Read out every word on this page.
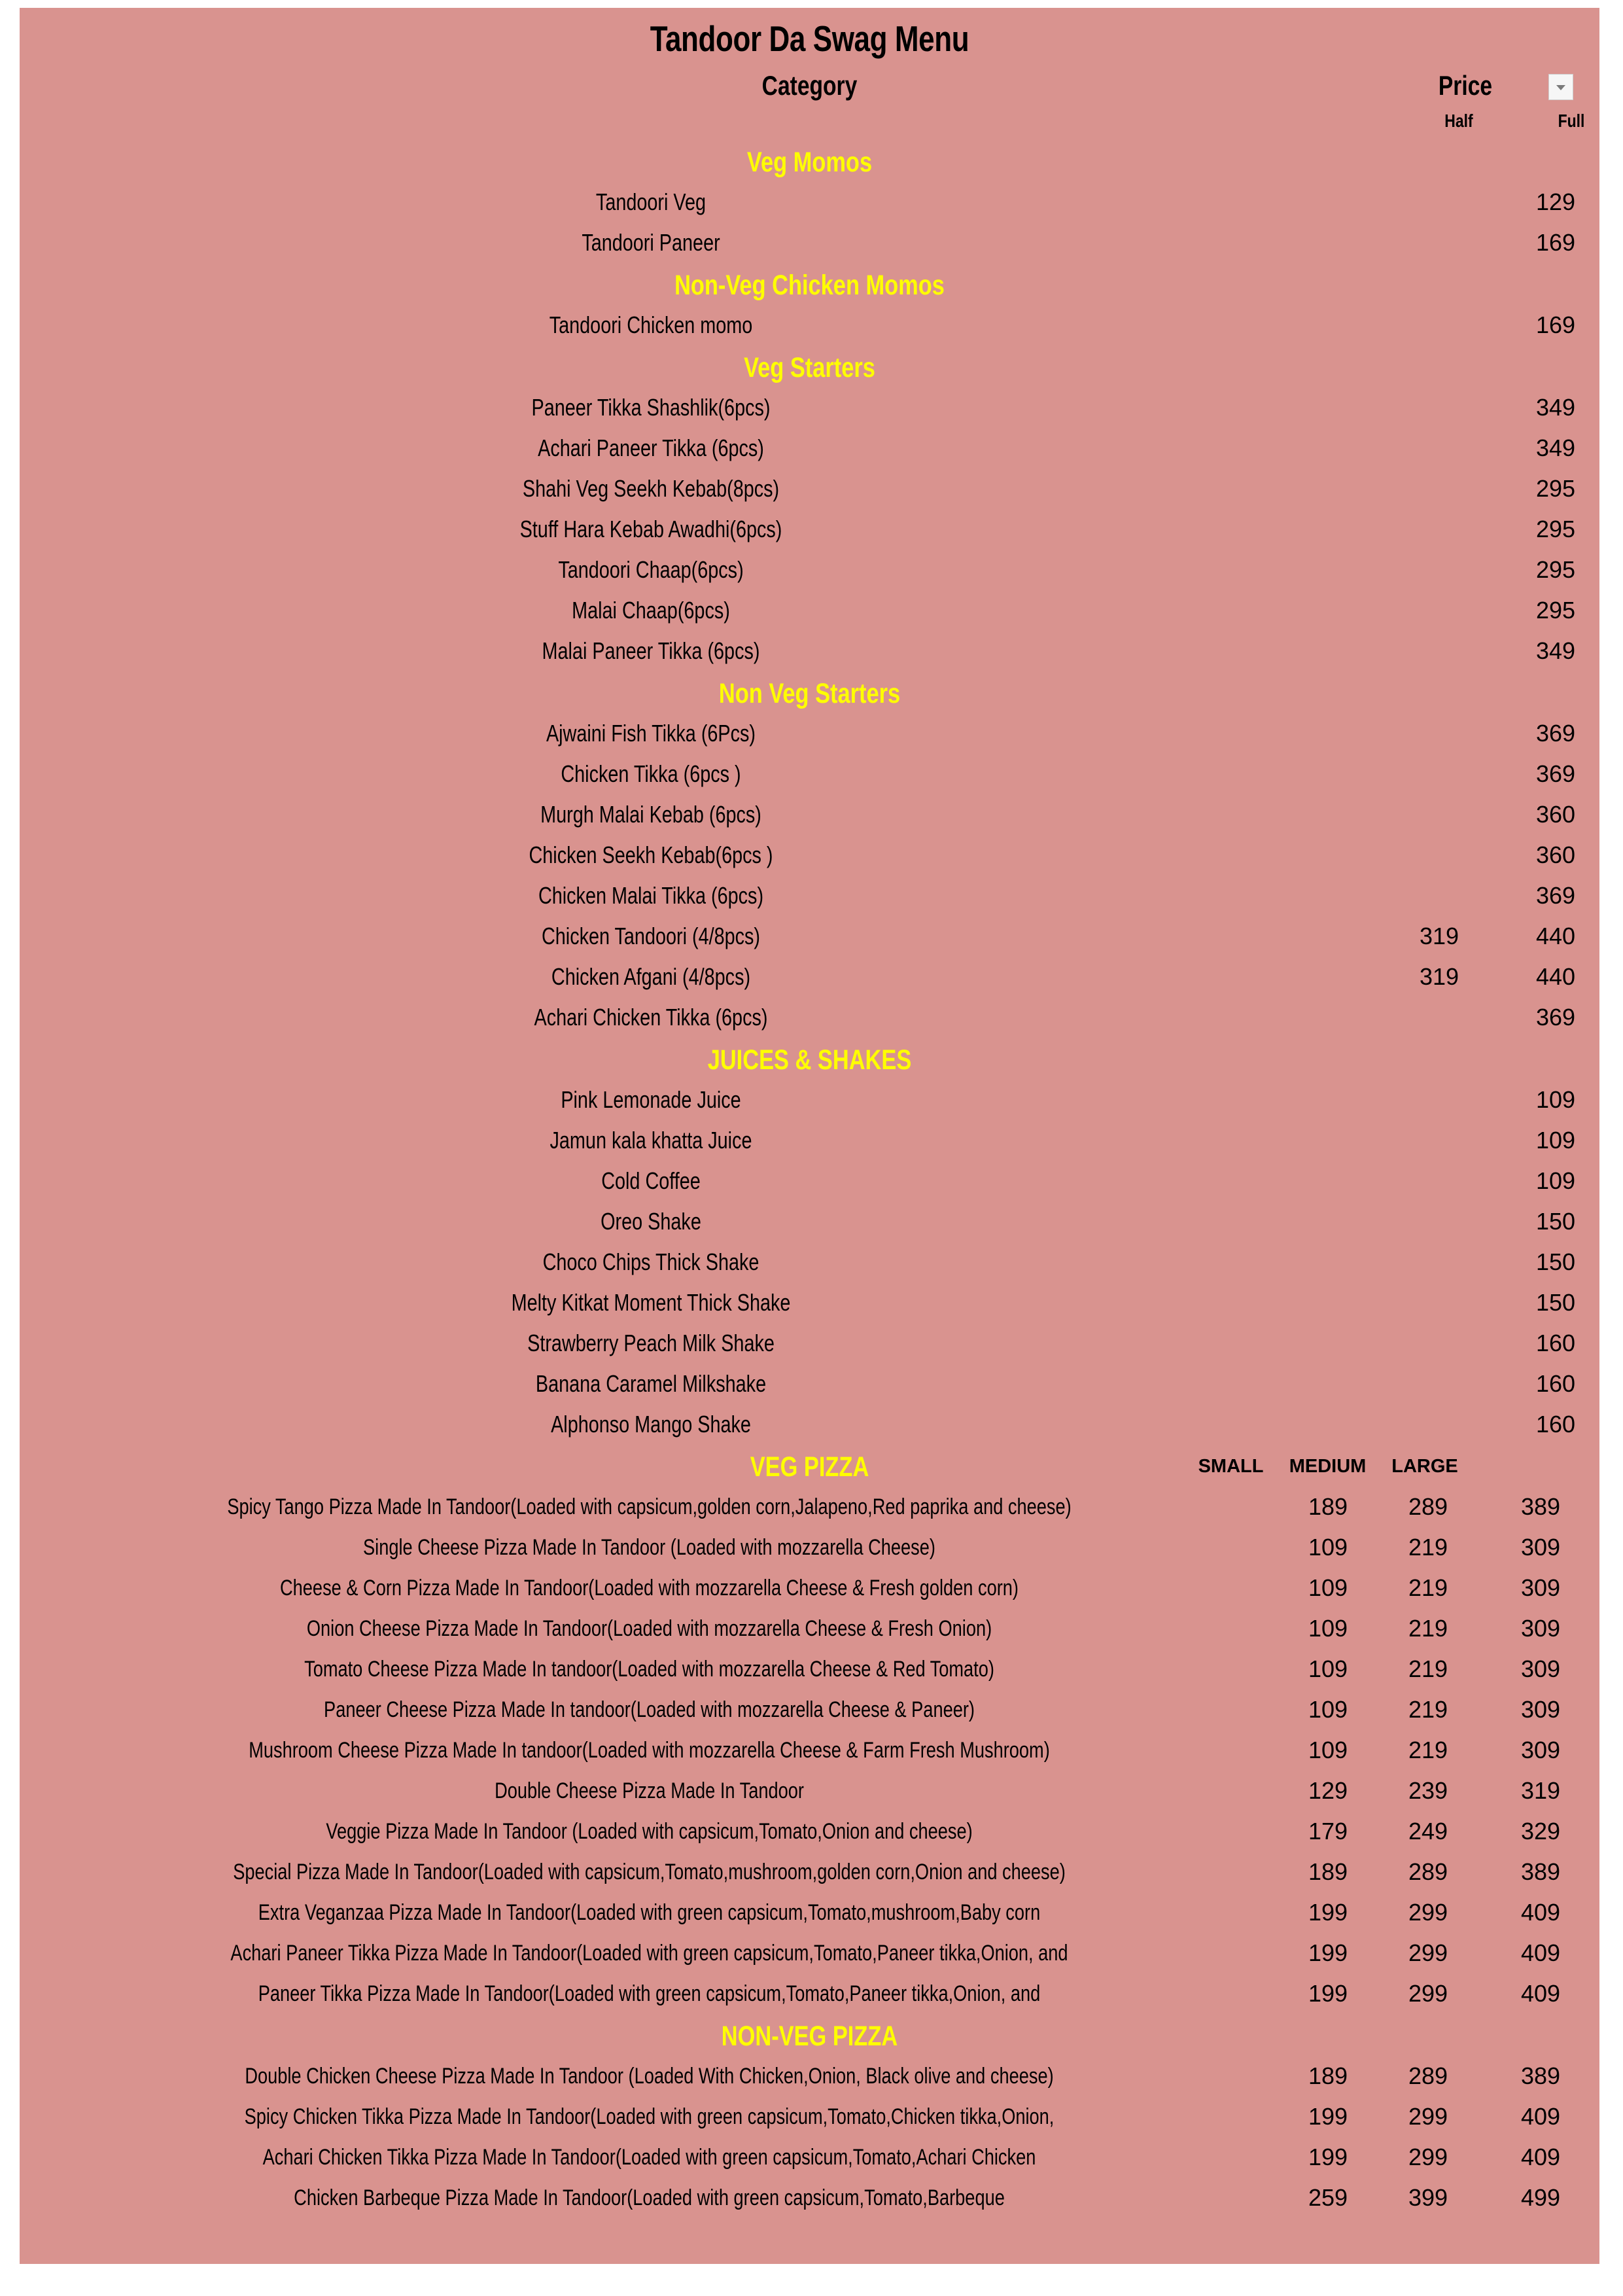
Tandoor Da Swag Menu
Category	Price
Half	Full
Veg Momos
Tandoori Veg	129
Tandoori Paneer	169
Non-Veg Chicken Momos
Tandoori Chicken momo	169
Veg Starters
Paneer Tikka Shashlik(6pcs)	349
Achari Paneer Tikka (6pcs)	349
Shahi Veg Seekh Kebab(8pcs)	295
Stuff Hara Kebab Awadhi(6pcs)	295
Tandoori Chaap(6pcs)	295
Malai Chaap(6pcs)	295
Malai Paneer Tikka (6pcs)	349
Non Veg Starters
Ajwaini Fish Tikka (6Pcs)	369
Chicken Tikka (6pcs )	369
Murgh Malai Kebab (6pcs)	360
Chicken Seekh Kebab(6pcs )	360
Chicken Malai Tikka (6pcs)	369
Chicken Tandoori (4/8pcs)	319	440
Chicken Afgani (4/8pcs)	319	440
Achari Chicken Tikka (6pcs)	369
JUICES & SHAKES
Pink Lemonade Juice	109
Jamun kala khatta Juice	109
Cold Coffee	109
Oreo Shake	150
Choco Chips Thick Shake	150
Melty Kitkat Moment Thick Shake	150
Strawberry Peach Milk Shake	160
Banana Caramel Milkshake	160
Alphonso Mango Shake	160
VEG PIZZA	SMALL	MEDIUM	LARGE
Spicy Tango Pizza Made In Tandoor(Loaded with capsicum,golden corn,Jalapeno,Red paprika and cheese)	189	289	389
Single Cheese Pizza Made In Tandoor (Loaded with mozzarella Cheese)	109	219	309
Cheese & Corn Pizza Made In Tandoor(Loaded with mozzarella Cheese & Fresh golden corn)	109	219	309
Onion Cheese Pizza Made In Tandoor(Loaded with mozzarella Cheese & Fresh Onion)	109	219	309
Tomato Cheese Pizza Made In tandoor(Loaded with mozzarella Cheese & Red Tomato)	109	219	309
Paneer Cheese Pizza Made In tandoor(Loaded with mozzarella Cheese & Paneer)	109	219	309
Mushroom Cheese Pizza Made In tandoor(Loaded with mozzarella Cheese & Farm Fresh Mushroom)	109	219	309
Double Cheese Pizza Made In Tandoor	129	239	319
Veggie Pizza Made In Tandoor (Loaded with capsicum,Tomato,Onion and cheese)	179	249	329
Special Pizza Made In Tandoor(Loaded with capsicum,Tomato,mushroom,golden corn,Onion and cheese)	189	289	389
Extra Veganzaa Pizza Made In Tandoor(Loaded with green capsicum,Tomato,mushroom,Baby corn	199	299	409
Achari Paneer Tikka Pizza Made In Tandoor(Loaded with green capsicum,Tomato,Paneer tikka,Onion, and	199	299	409
Paneer Tikka Pizza Made In Tandoor(Loaded with green capsicum,Tomato,Paneer tikka,Onion, and	199	299	409
NON-VEG PIZZA
Double Chicken Cheese Pizza Made In Tandoor (Loaded With Chicken,Onion, Black olive and cheese)	189	289	389
Spicy Chicken Tikka Pizza Made In Tandoor(Loaded with green capsicum,Tomato,Chicken tikka,Onion,	199	299	409
Achari Chicken Tikka Pizza Made In Tandoor(Loaded with green capsicum,Tomato,Achari Chicken	199	299	409
Chicken Barbeque Pizza Made In Tandoor(Loaded with green capsicum,Tomato,Barbeque	259	399	499
